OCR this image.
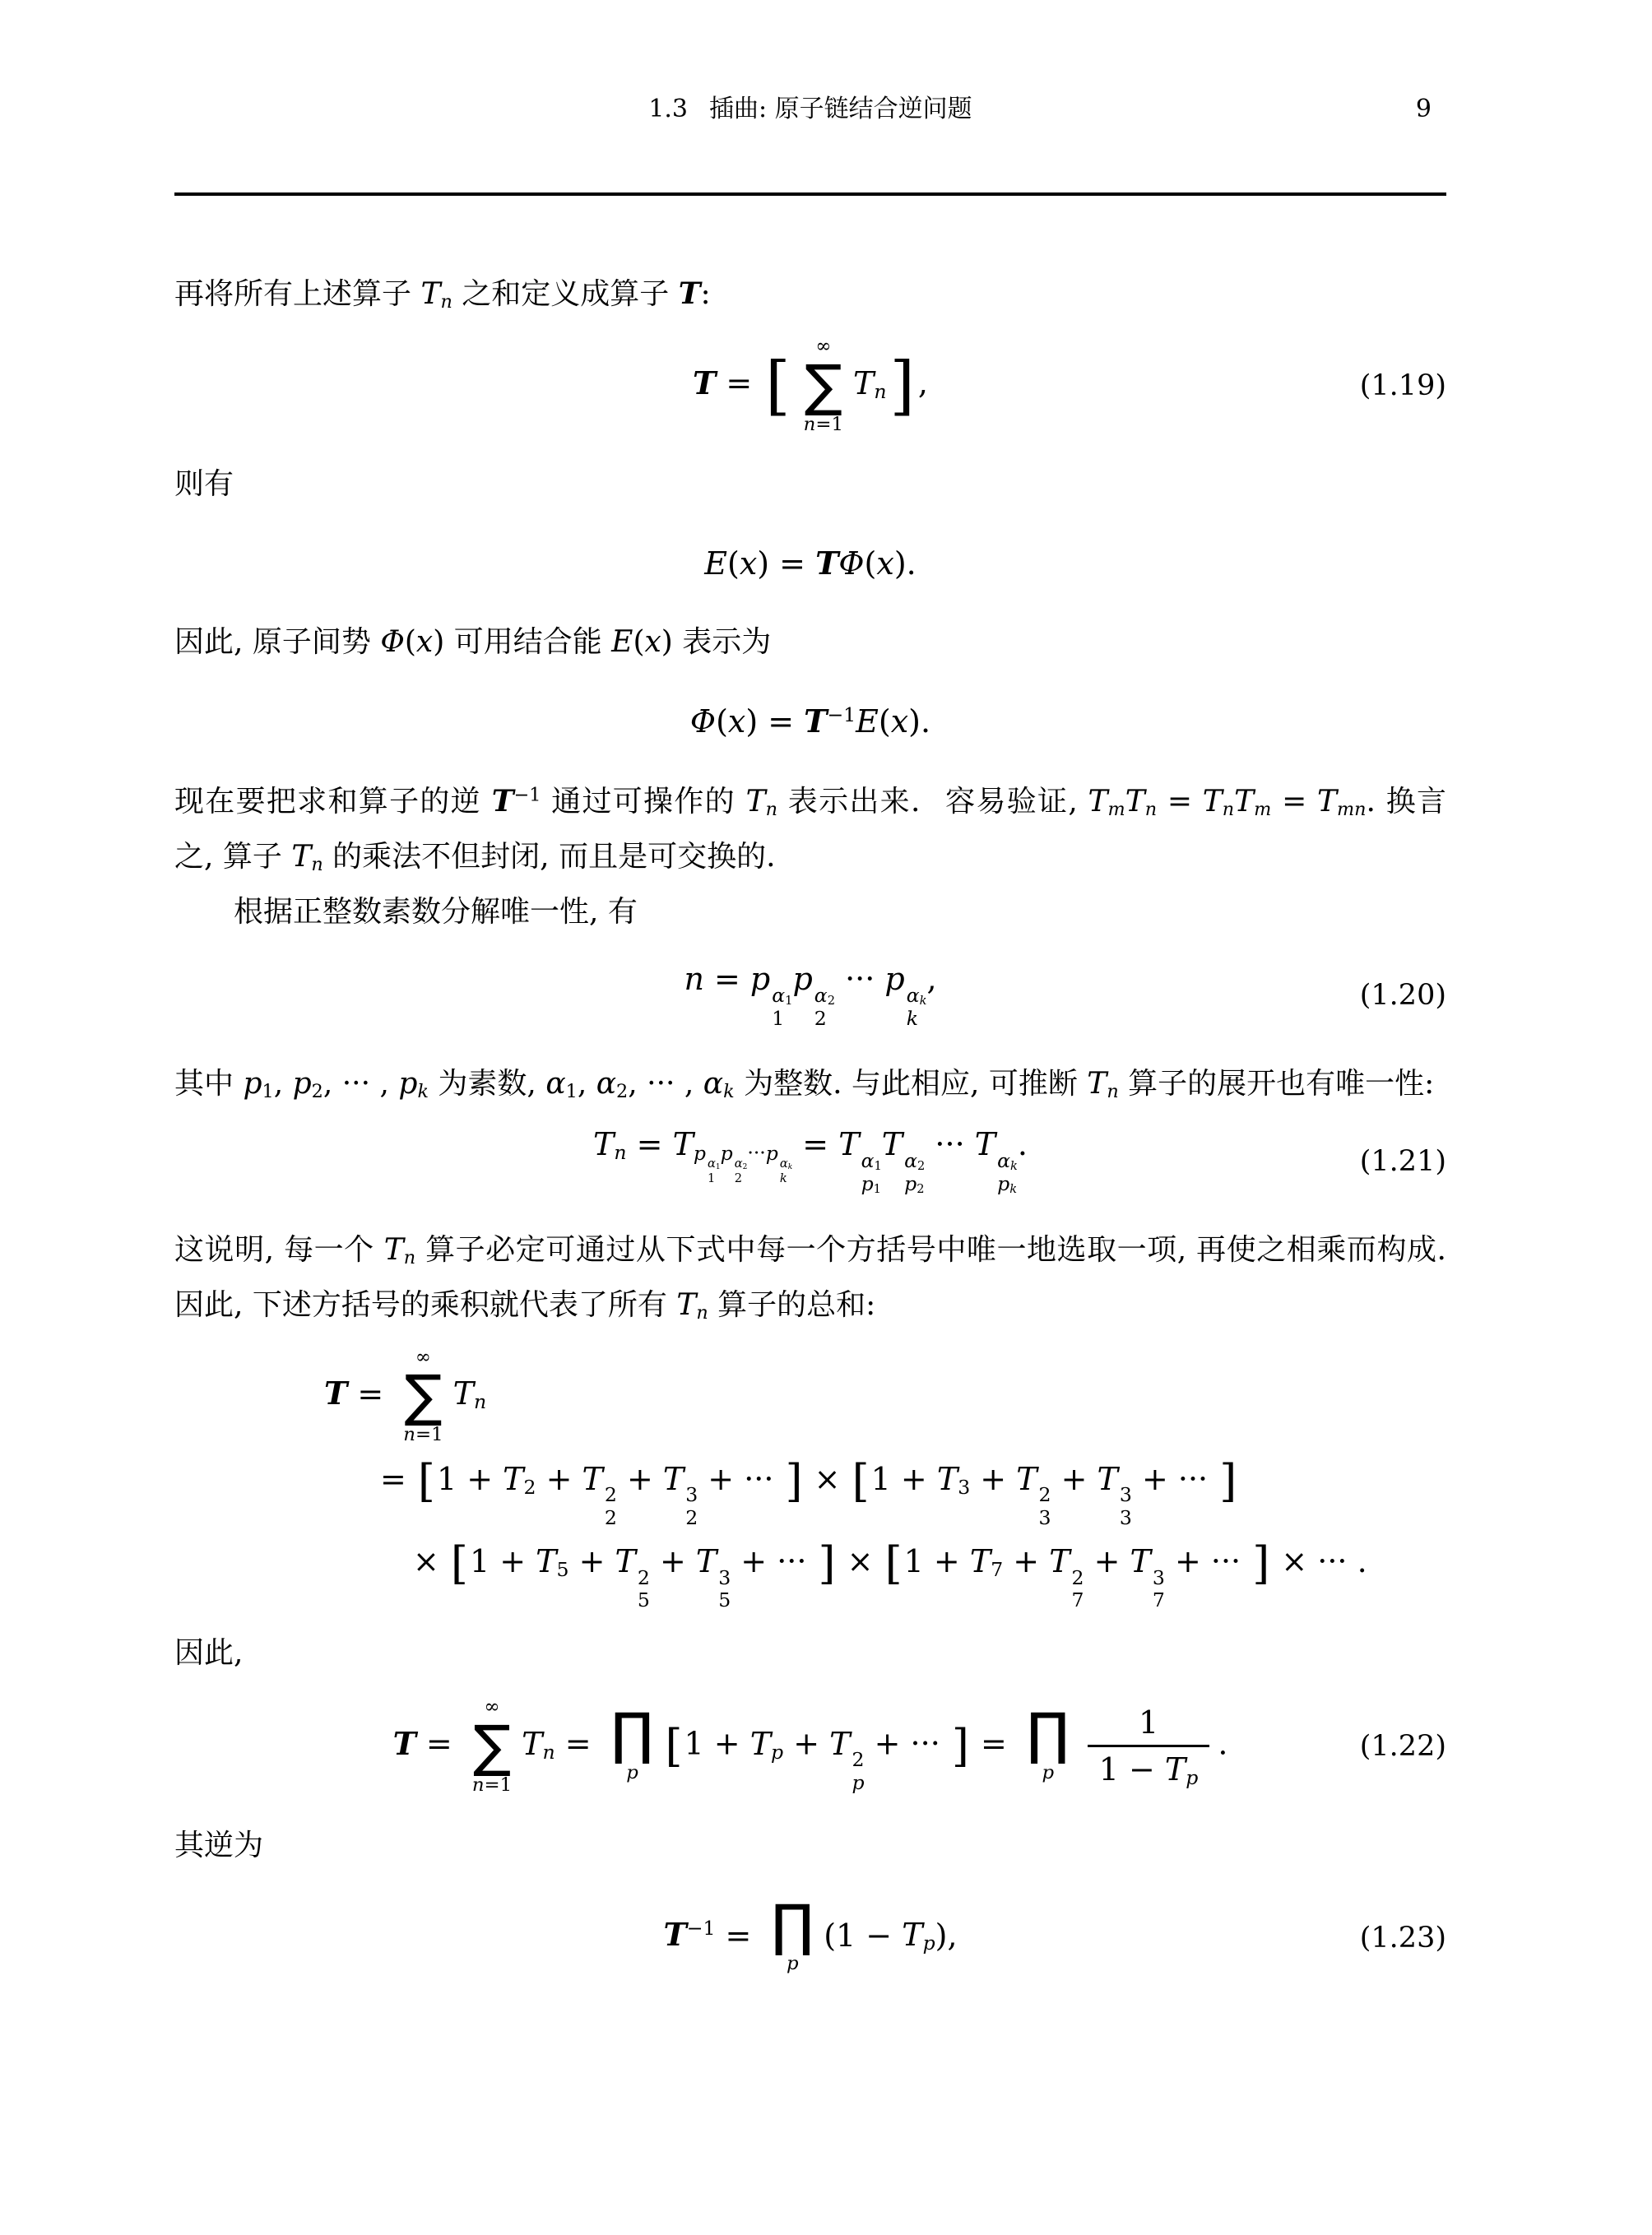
1.3 插曲: 原子链结合逆问题	9

再将所有上述算子 Tn 之和定义成算子 T:

T = [
∞
∑
n=1
Tn] ,	(1.19)

则有

E(x) = TΦ(x).

因此, 原子间势 Φ(x) 可用结合能 E(x) 表示为

$\Phi(x) = T^{-1}E(x)$.

现在要把求和算子的逆 $T^{-1}$ 通过可操作的 Tn 表示出来.  容易验证, TmTn = TnTm = Tmn. 换言之, 算子 Tn 的乘法不但封闭, 而且是可交换的.

根据正整数素数分解唯一性, 有

n = p α1
1
p α2
2
··· p αk
k
,	(1.20)

其中 p1, p2, ··· , pk 为素数, α1, α2, ··· , αk 为整数. 与此相应, 可推断 Tn 算子的展开也有唯一性:

Tn = Tp α1
1
p α2
2
···p αk
k
= T α1
p1
T α2
p2
··· T αk
pk
.	(1.21)

这说明, 每一个 Tn 算子必定可通过从下式中每一个方括号中唯一地选取一项, 再使之相乘而构成. 因此, 下述方括号的乘积就代表了所有 Tn 算子的总和:

T =
∞
∑
n=1
Tn
= [1 + T2 + T 2
2
+ T 3
2
+ ··· ] × [1 + T3 + T 2
3
+ T 3
3
+ ··· ]
× [1 + T5 + T 2
5
+ T 3
5
+ ··· ] × [1 + T7 + T 2
7
+ T 3
7
+ ··· ] × ··· .

因此,

T =
∞
∑
n=1
Tn = ∏
p
[1 + Tp + T 2
p
+ ··· ] = ∏
p $\frac{1}{1 - Tp}$ .	(1.22)

其逆为

$T^{-1}$ = ∏
p
(1 − Tp),	(1.23)
